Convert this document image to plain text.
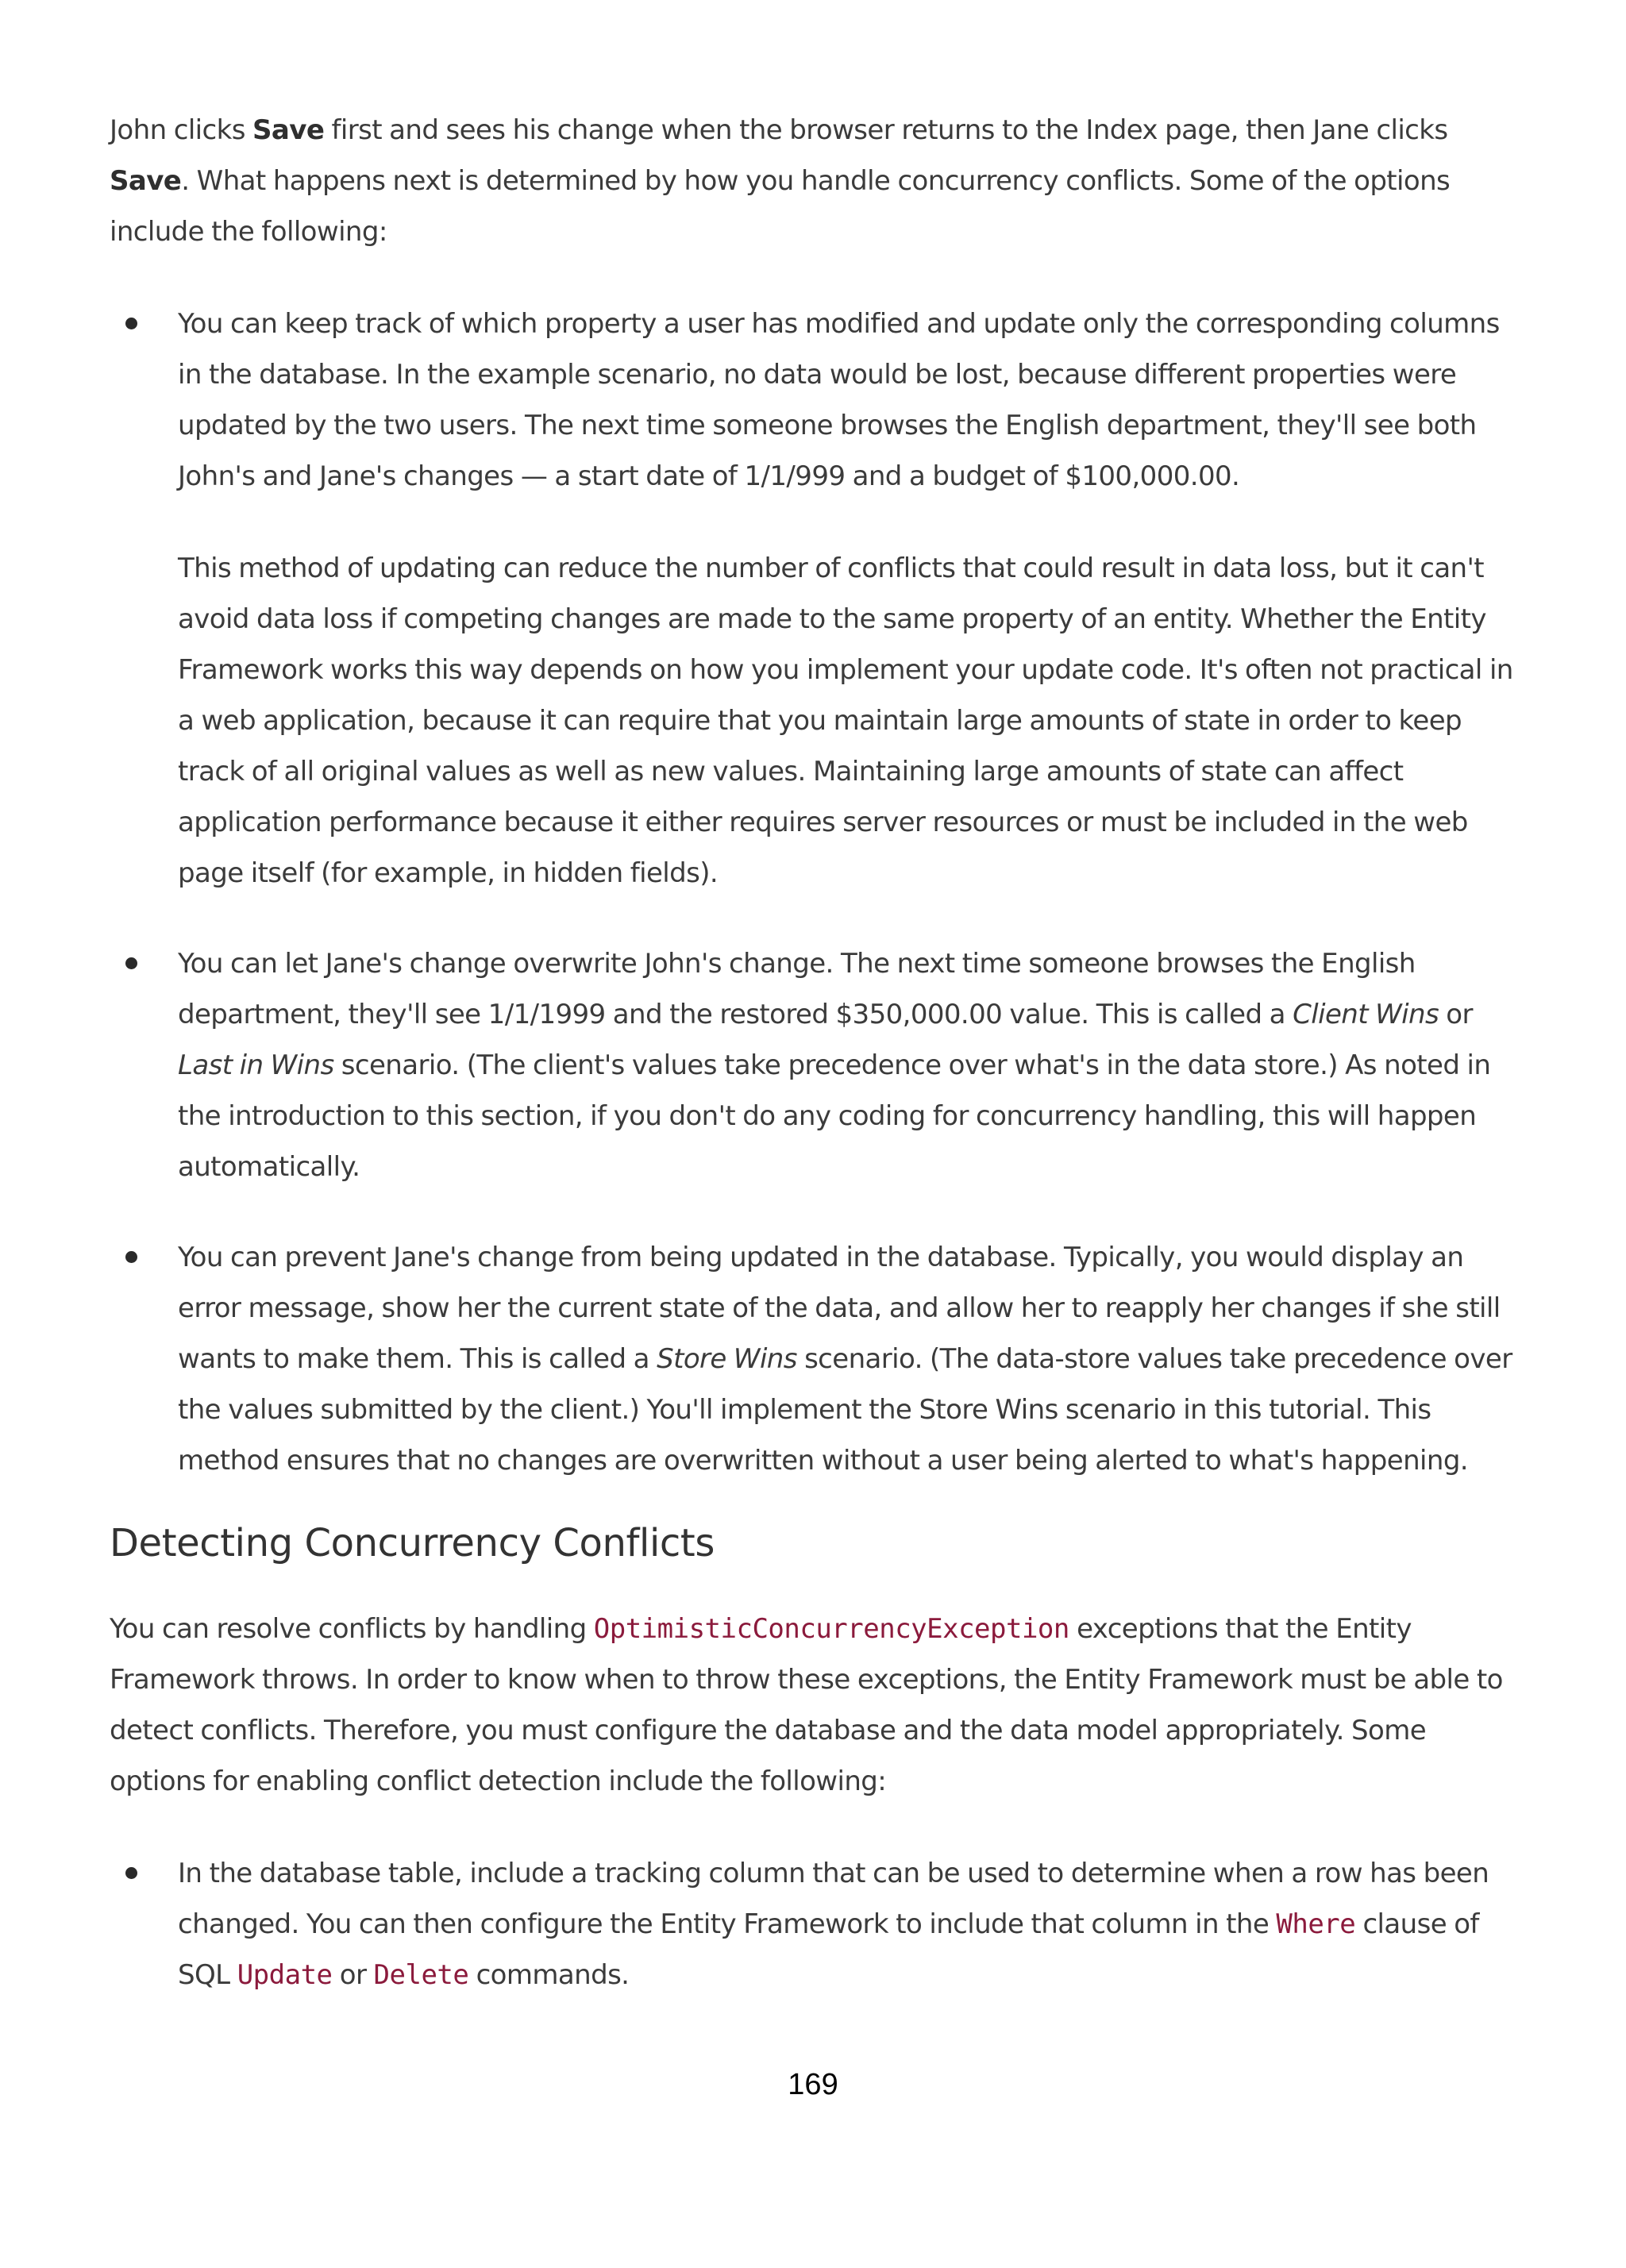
John clicks Save first and sees his change when the browser returns to the Index page, then Jane clicks Save. What happens next is determined by how you handle concurrency conflicts. Some of the options include the following:

You can keep track of which property a user has modified and update only the corresponding columns in the database. In the example scenario, no data would be lost, because different properties were updated by the two users. The next time someone browses the English department, they'll see both John's and Jane's changes — a start date of 1/1/999 and a budget of $100,000.00.

This method of updating can reduce the number of conflicts that could result in data loss, but it can't avoid data loss if competing changes are made to the same property of an entity. Whether the Entity Framework works this way depends on how you implement your update code. It's often not practical in a web application, because it can require that you maintain large amounts of state in order to keep track of all original values as well as new values. Maintaining large amounts of state can affect application performance because it either requires server resources or must be included in the web page itself (for example, in hidden fields).

You can let Jane's change overwrite John's change. The next time someone browses the English department, they'll see 1/1/1999 and the restored $350,000.00 value. This is called a Client Wins or Last in Wins scenario. (The client's values take precedence over what's in the data store.) As noted in the introduction to this section, if you don't do any coding for concurrency handling, this will happen automatically.

You can prevent Jane's change from being updated in the database. Typically, you would display an error message, show her the current state of the data, and allow her to reapply her changes if she still wants to make them. This is called a Store Wins scenario. (The data-store values take precedence over the values submitted by the client.) You'll implement the Store Wins scenario in this tutorial. This method ensures that no changes are overwritten without a user being alerted to what's happening.

Detecting Concurrency Conflicts

You can resolve conflicts by handling OptimisticConcurrencyException exceptions that the Entity Framework throws. In order to know when to throw these exceptions, the Entity Framework must be able to detect conflicts. Therefore, you must configure the database and the data model appropriately. Some options for enabling conflict detection include the following:

In the database table, include a tracking column that can be used to determine when a row has been changed. You can then configure the Entity Framework to include that column in the Where clause of SQL Update or Delete commands.

169
